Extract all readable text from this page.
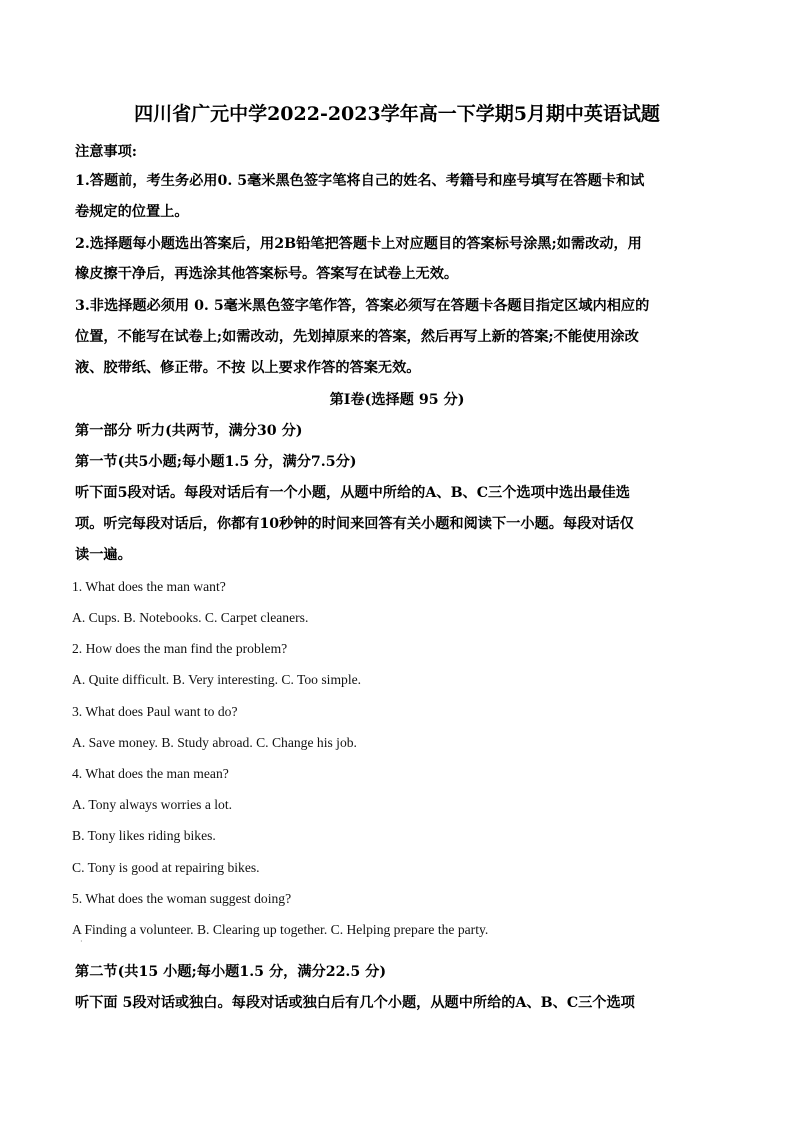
四川省广元中学2022-2023学年高一下学期5月期中英语试题
注意事项:
1.答题前，考生务必用0. 5毫米黑色签字笔将自己的姓名、考籍号和座号填写在答题卡和试
卷规定的位置上。
2.选择题每小题选出答案后，用2B铅笔把答题卡上对应题目的答案标号涂黑;如需改动，用
橡皮擦干净后，再选涂其他答案标号。答案写在试卷上无效。
3.非选择题必须用 0. 5毫米黑色签字笔作答，答案必须写在答题卡各题目指定区域内相应的
位置，不能写在试卷上;如需改动，先划掉原来的答案，然后再写上新的答案;不能使用涂改
液、胶带纸、修正带。不按 以上要求作答的答案无效。
第I卷(选择题 95 分)
第一部分 听力(共两节，满分30 分)
第一节(共5小题;每小题1.5 分，满分7.5分)
听下面5段对话。每段对话后有一个小题，从题中所给的A、B、C三个选项中选出最佳选
项。听完每段对话后，你都有10秒钟的时间来回答有关小题和阅读下一小题。每段对话仅
读一遍。
1. What does the man want?
A. Cups. B. Notebooks. C. Carpet cleaners.
2. How does the man find the problem?
A. Quite difficult. B. Very interesting. C. Too simple.
3. What does Paul want to do?
A. Save money. B. Study abroad. C. Change his job.
4. What does the man mean?
A. Tony always worries a lot.
B. Tony likes riding bikes.
C. Tony is good at repairing bikes.
5. What does the woman suggest doing?
A Finding a volunteer. B. Clearing up together. C. Helping prepare the party.
·
第二节(共15 小题;每小题1.5 分，满分22.5 分)
听下面 5段对话或独白。每段对话或独白后有几个小题，从题中所给的A、B、C三个选项
